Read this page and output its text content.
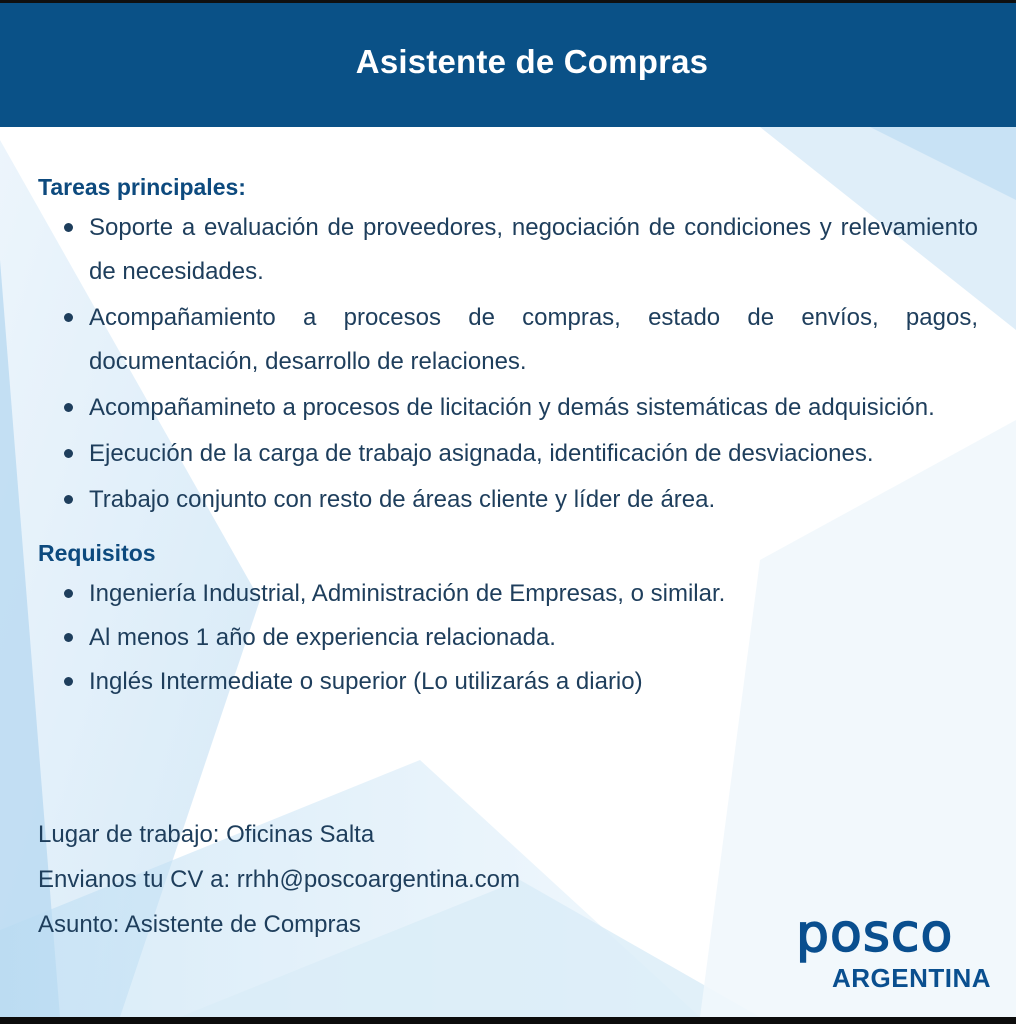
Asistente de Compras
Tareas principales:
Soporte a evaluación de proveedores, negociación de condiciones y relevamiento de necesidades.
Acompañamiento a procesos de compras, estado de envíos, pagos, documentación, desarrollo de relaciones.
Acompañamineto a procesos de licitación y demás sistemáticas de adquisición.
Ejecución de la carga de trabajo asignada, identificación de desviaciones.
Trabajo conjunto con resto de áreas cliente y líder de área.
Requisitos
Ingeniería Industrial, Administración de Empresas, o similar.
Al menos 1 año de experiencia relacionada.
Inglés Intermediate o superior (Lo utilizarás a diario)
Lugar de trabajo: Oficinas Salta
Envianos tu CV a: rrhh@poscoargentina.com
Asunto: Asistente de Compras	posco
ARGENTINA
